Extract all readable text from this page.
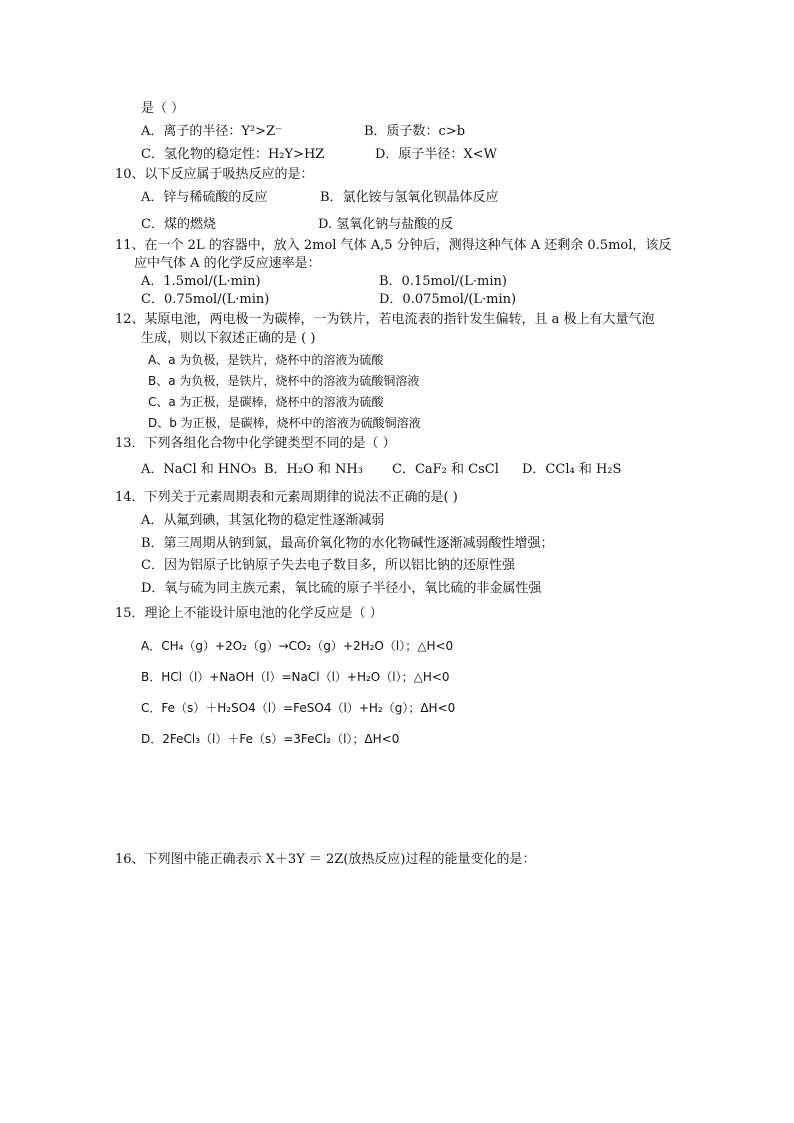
是（ ）
A．离子的半径：Y²>Z⁻	B．质子数：c>b
C．氢化物的稳定性：H₂Y>HZ	D．原子半径：X<W
10、以下反应属于吸热反应的是：
A．锌与稀硫酸的反应	B．氯化铵与氢氧化钡晶体反应
C．煤的燃烧	D. 氢氧化钠与盐酸的反
11、在一个 2L 的容器中，放入 2mol 气体 A,5 分钟后，测得这种气体 A 还剩余 0.5mol，该反
应中气体 A 的化学反应速率是：
A．1.5mol/(L·min)	B．0.15mol/(L·min)
C．0.75mol/(L·min)	D．0.075mol/(L·min)
12、某原电池，两电极一为碳棒，一为铁片，若电流表的指针发生偏转，且 a 极上有大量气泡
生成，则以下叙述正确的是 ( )
A、a 为负极，是铁片，烧杯中的溶液为硫酸
B、a 为负极，是铁片，烧杯中的溶液为硫酸铜溶液
C、a 为正极，是碳棒，烧杯中的溶液为硫酸
D、b 为正极，是碳棒，烧杯中的溶液为硫酸铜溶液
13．下列各组化合物中化学键类型不同的是（ ）
A．NaCl 和 HNO₃ B．H₂O 和 NH₃ C．CaF₂ 和 CsCl D．CCl₄ 和 H₂S
14．下列关于元素周期表和元素周期律的说法不正确的是( )
A．从氟到碘，其氢化物的稳定性逐渐减弱
B．第三周期从钠到氯，最高价氧化物的水化物碱性逐渐减弱酸性增强；
C．因为铝原子比钠原子失去电子数目多，所以铝比钠的还原性强
D．氧与硫为同主族元素，氧比硫的原子半径小，氧比硫的非金属性强
15．理论上不能设计原电池的化学反应是（ ）
A．CH₄（g）+2O₂（g）→CO₂（g）+2H₂O（l）；△H<0
B．HCl（l）+NaOH（l）=NaCl（l）+H₂O（l）；△H<0
C．Fe（s）＋H₂SO4（l）=FeSO4（l）+H₂（g）；ΔH<0
D．2FeCl₃（l）＋Fe（s）=3FeCl₂（l）；ΔH<0
16、下列图中能正确表示 X＋3Y ＝ 2Z(放热反应)过程的能量变化的是：
